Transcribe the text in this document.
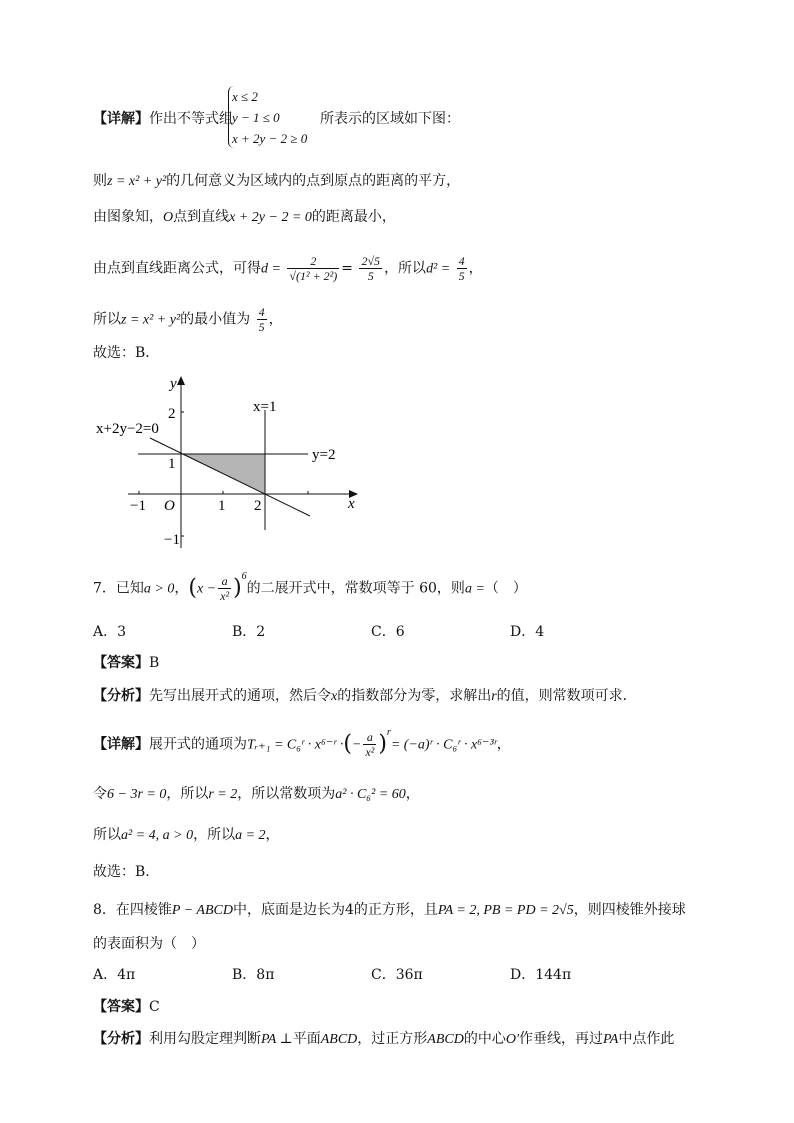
【详解】作出不等式组
x ≤ 2
y − 1 ≤ 0
x + 2y − 2 ≥ 0
所表示的区域如下图：
则z = x² + y²的几何意义为区域内的点到原点的距离的平方，
由图象知，O点到直线x + 2y − 2 = 0的距离最小，
由点到直线距离公式，可得$d = \frac{2}{\text{√(1² + 2²)}} = \frac{2√5}{5}$ ，所以$d^2 = \frac{4}{5}$ ，
所以z = x² + y²的最小值为 $\frac{4}{5}$ ，
故选：B．
y
x
O
2
1
−1
−1	1 2
x=1
y=2
x+2y−2=0
7．已知a > 0，$(x - \frac{a}{\text{x²}} )^6$的二展开式中，常数项等于 60，则a =（　）
A．3	B．2	C．6	D．4
【答案】B
【分析】先写出展开式的通项，然后令x的指数部分为零，求解出r的值，则常数项可求．
【详解】展开式的通项为Tᵣ₊₁ = C₆ʳ · x⁶⁻ʳ ·(− $\frac{a}{\text{x²}} )^r=$ (−a)ʳ · C₆ʳ · x⁶⁻³ʳ，
令6 − 3r = 0，所以r = 2，所以常数项为a² · C₆² = 60，
所以a² = 4, a > 0，所以a = 2，
故选：B.
8．在四棱锥P − ABCD中，底面是边长为4的正方形，且PA = 2, PB = PD = 2√5，则四棱锥外接球
的表面积为（　）
A．4π	B．8π	C．36π	D．144π
【答案】C
【分析】利用勾股定理判断PA ⊥平面ABCD，过正方形ABCD的中心O′作垂线，再过PA中点作此
